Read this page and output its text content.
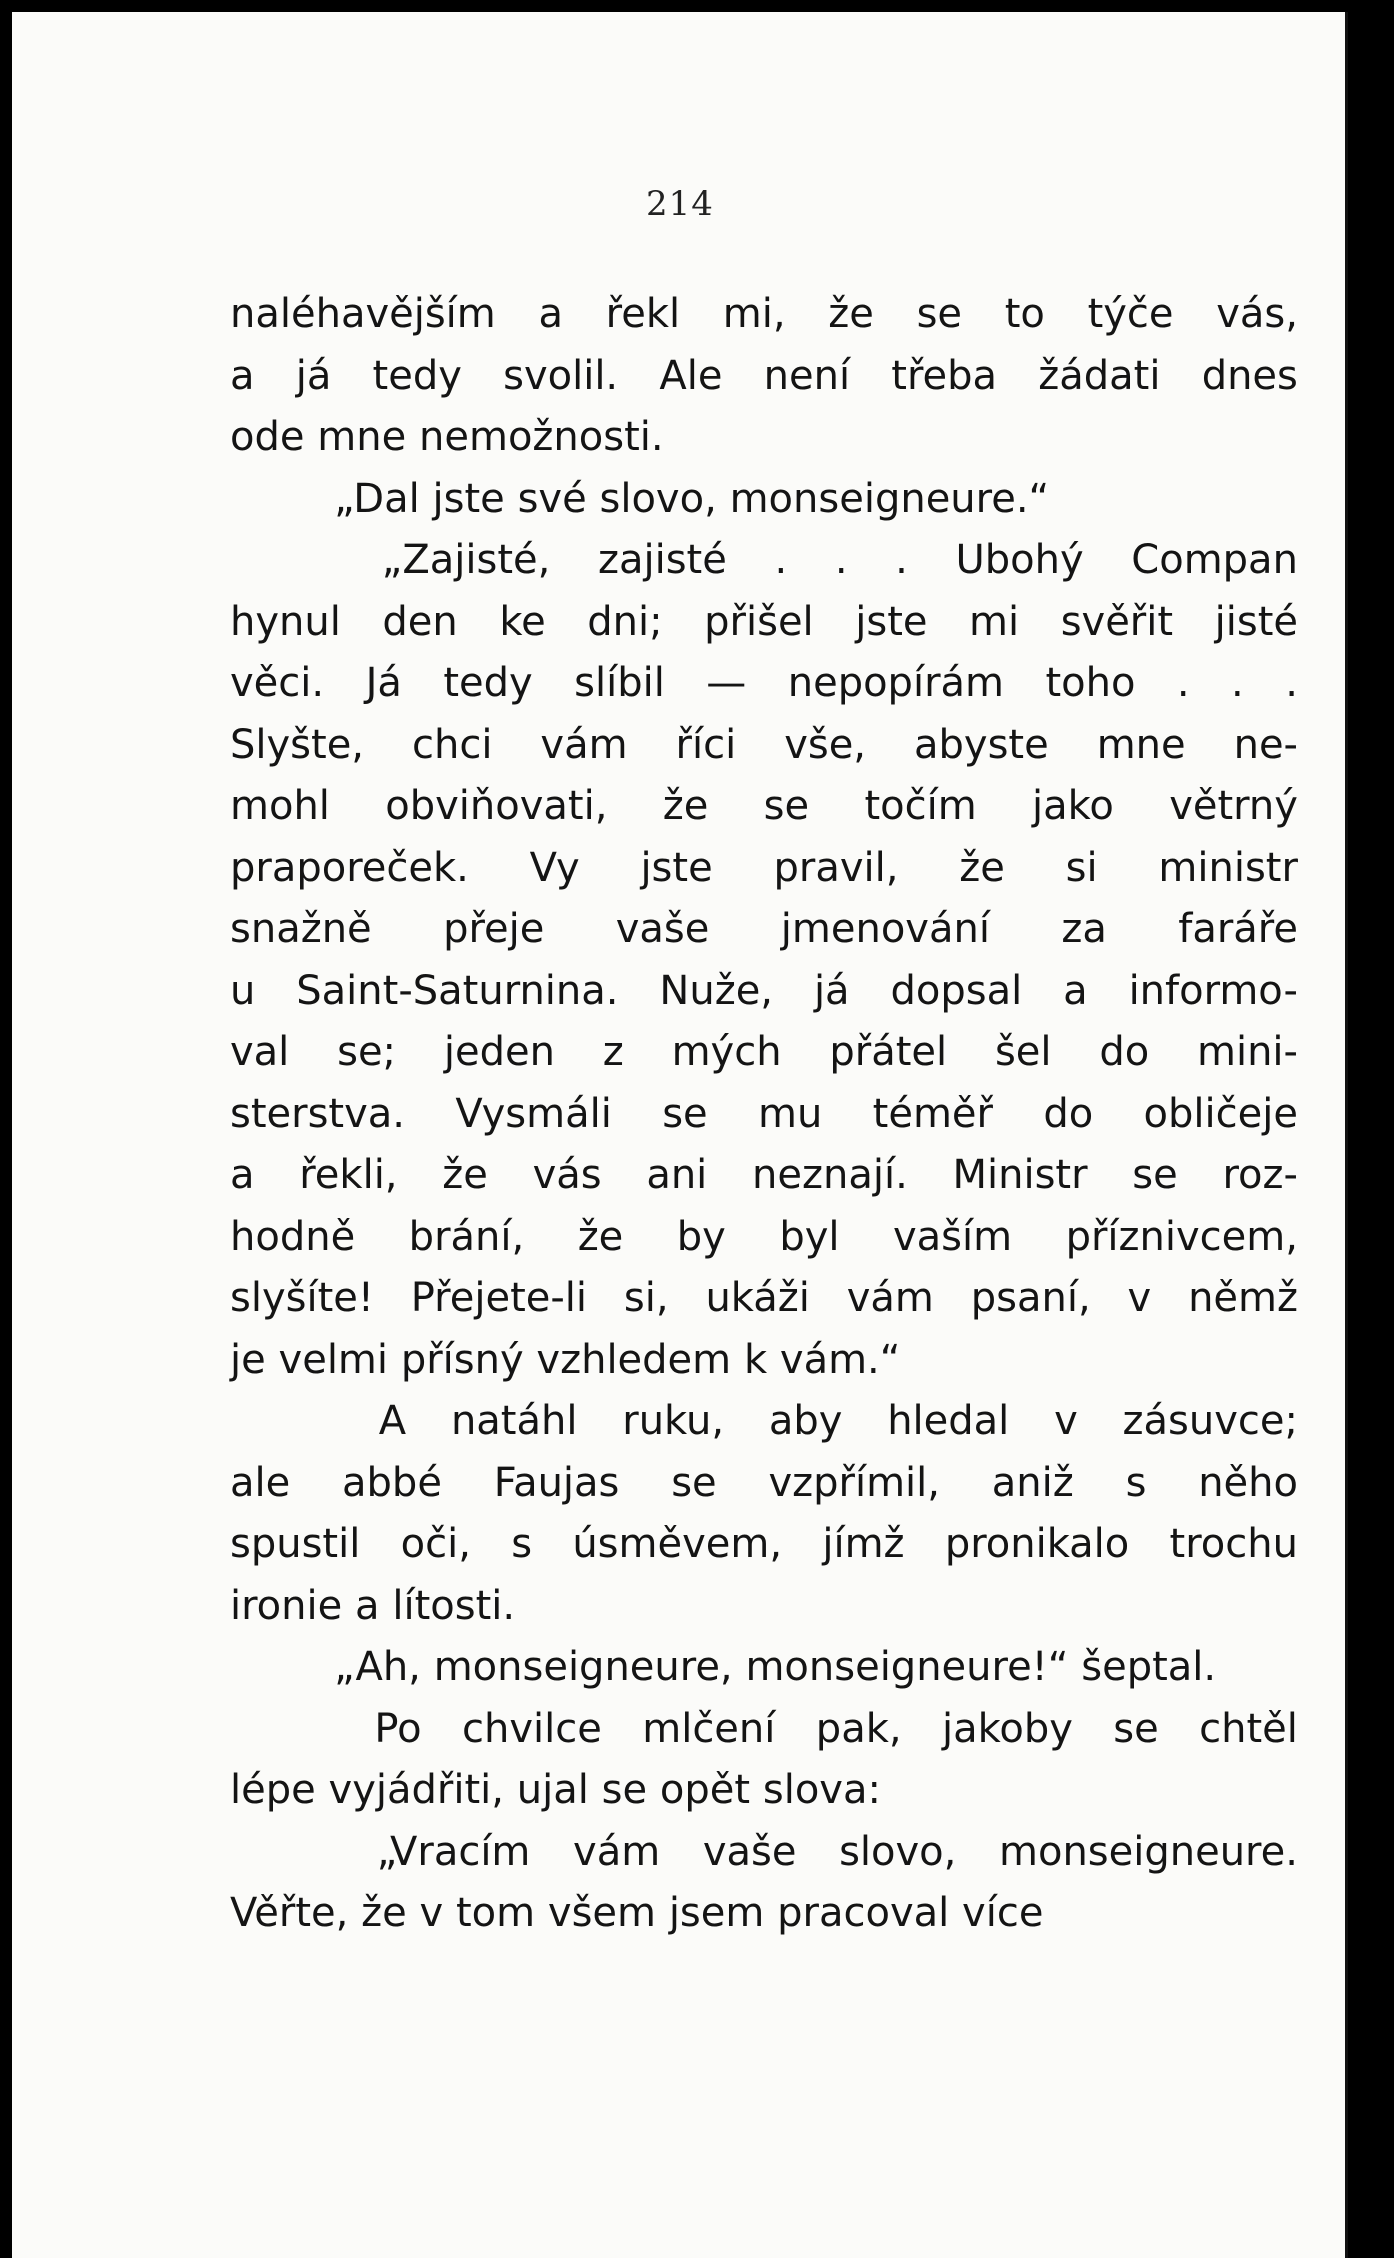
214
naléhavějším a řekl mi, že se to týče vás,
a já tedy svolil. Ale není třeba žádati dnes
ode mne nemožnosti.
„Dal jste své slovo, monseigneure.“
„Zajisté, zajisté . . . Ubohý Compan
hynul den ke dni; přišel jste mi svěřit jisté
věci. Já tedy slíbil — nepopírám toho . . .
Slyšte, chci vám říci vše, abyste mne ne-
mohl obviňovati, že se točím jako větrný
praporeček. Vy jste pravil, že si ministr
snažně přeje vaše jmenování za faráře
u Saint-Saturnina. Nuže, já dopsal a informo-
val se; jeden z mých přátel šel do mini-
sterstva. Vysmáli se mu téměř do obličeje
a řekli, že vás ani neznají. Ministr se roz-
hodně brání, že by byl vaším příznivcem,
slyšíte! Přejete-li si, ukáži vám psaní, v němž
je velmi přísný vzhledem k vám.“
A natáhl ruku, aby hledal v zásuvce;
ale abbé Faujas se vzpřímil, aniž s něho
spustil oči, s úsměvem, jímž pronikalo trochu
ironie a lítosti.
„Ah, monseigneure, monseigneure!“ šeptal.
Po chvilce mlčení pak, jakoby se chtěl
lépe vyjádřiti, ujal se opět slova:
„Vracím vám vaše slovo, monseigneure.
Věřte, že v tom všem jsem pracoval více
